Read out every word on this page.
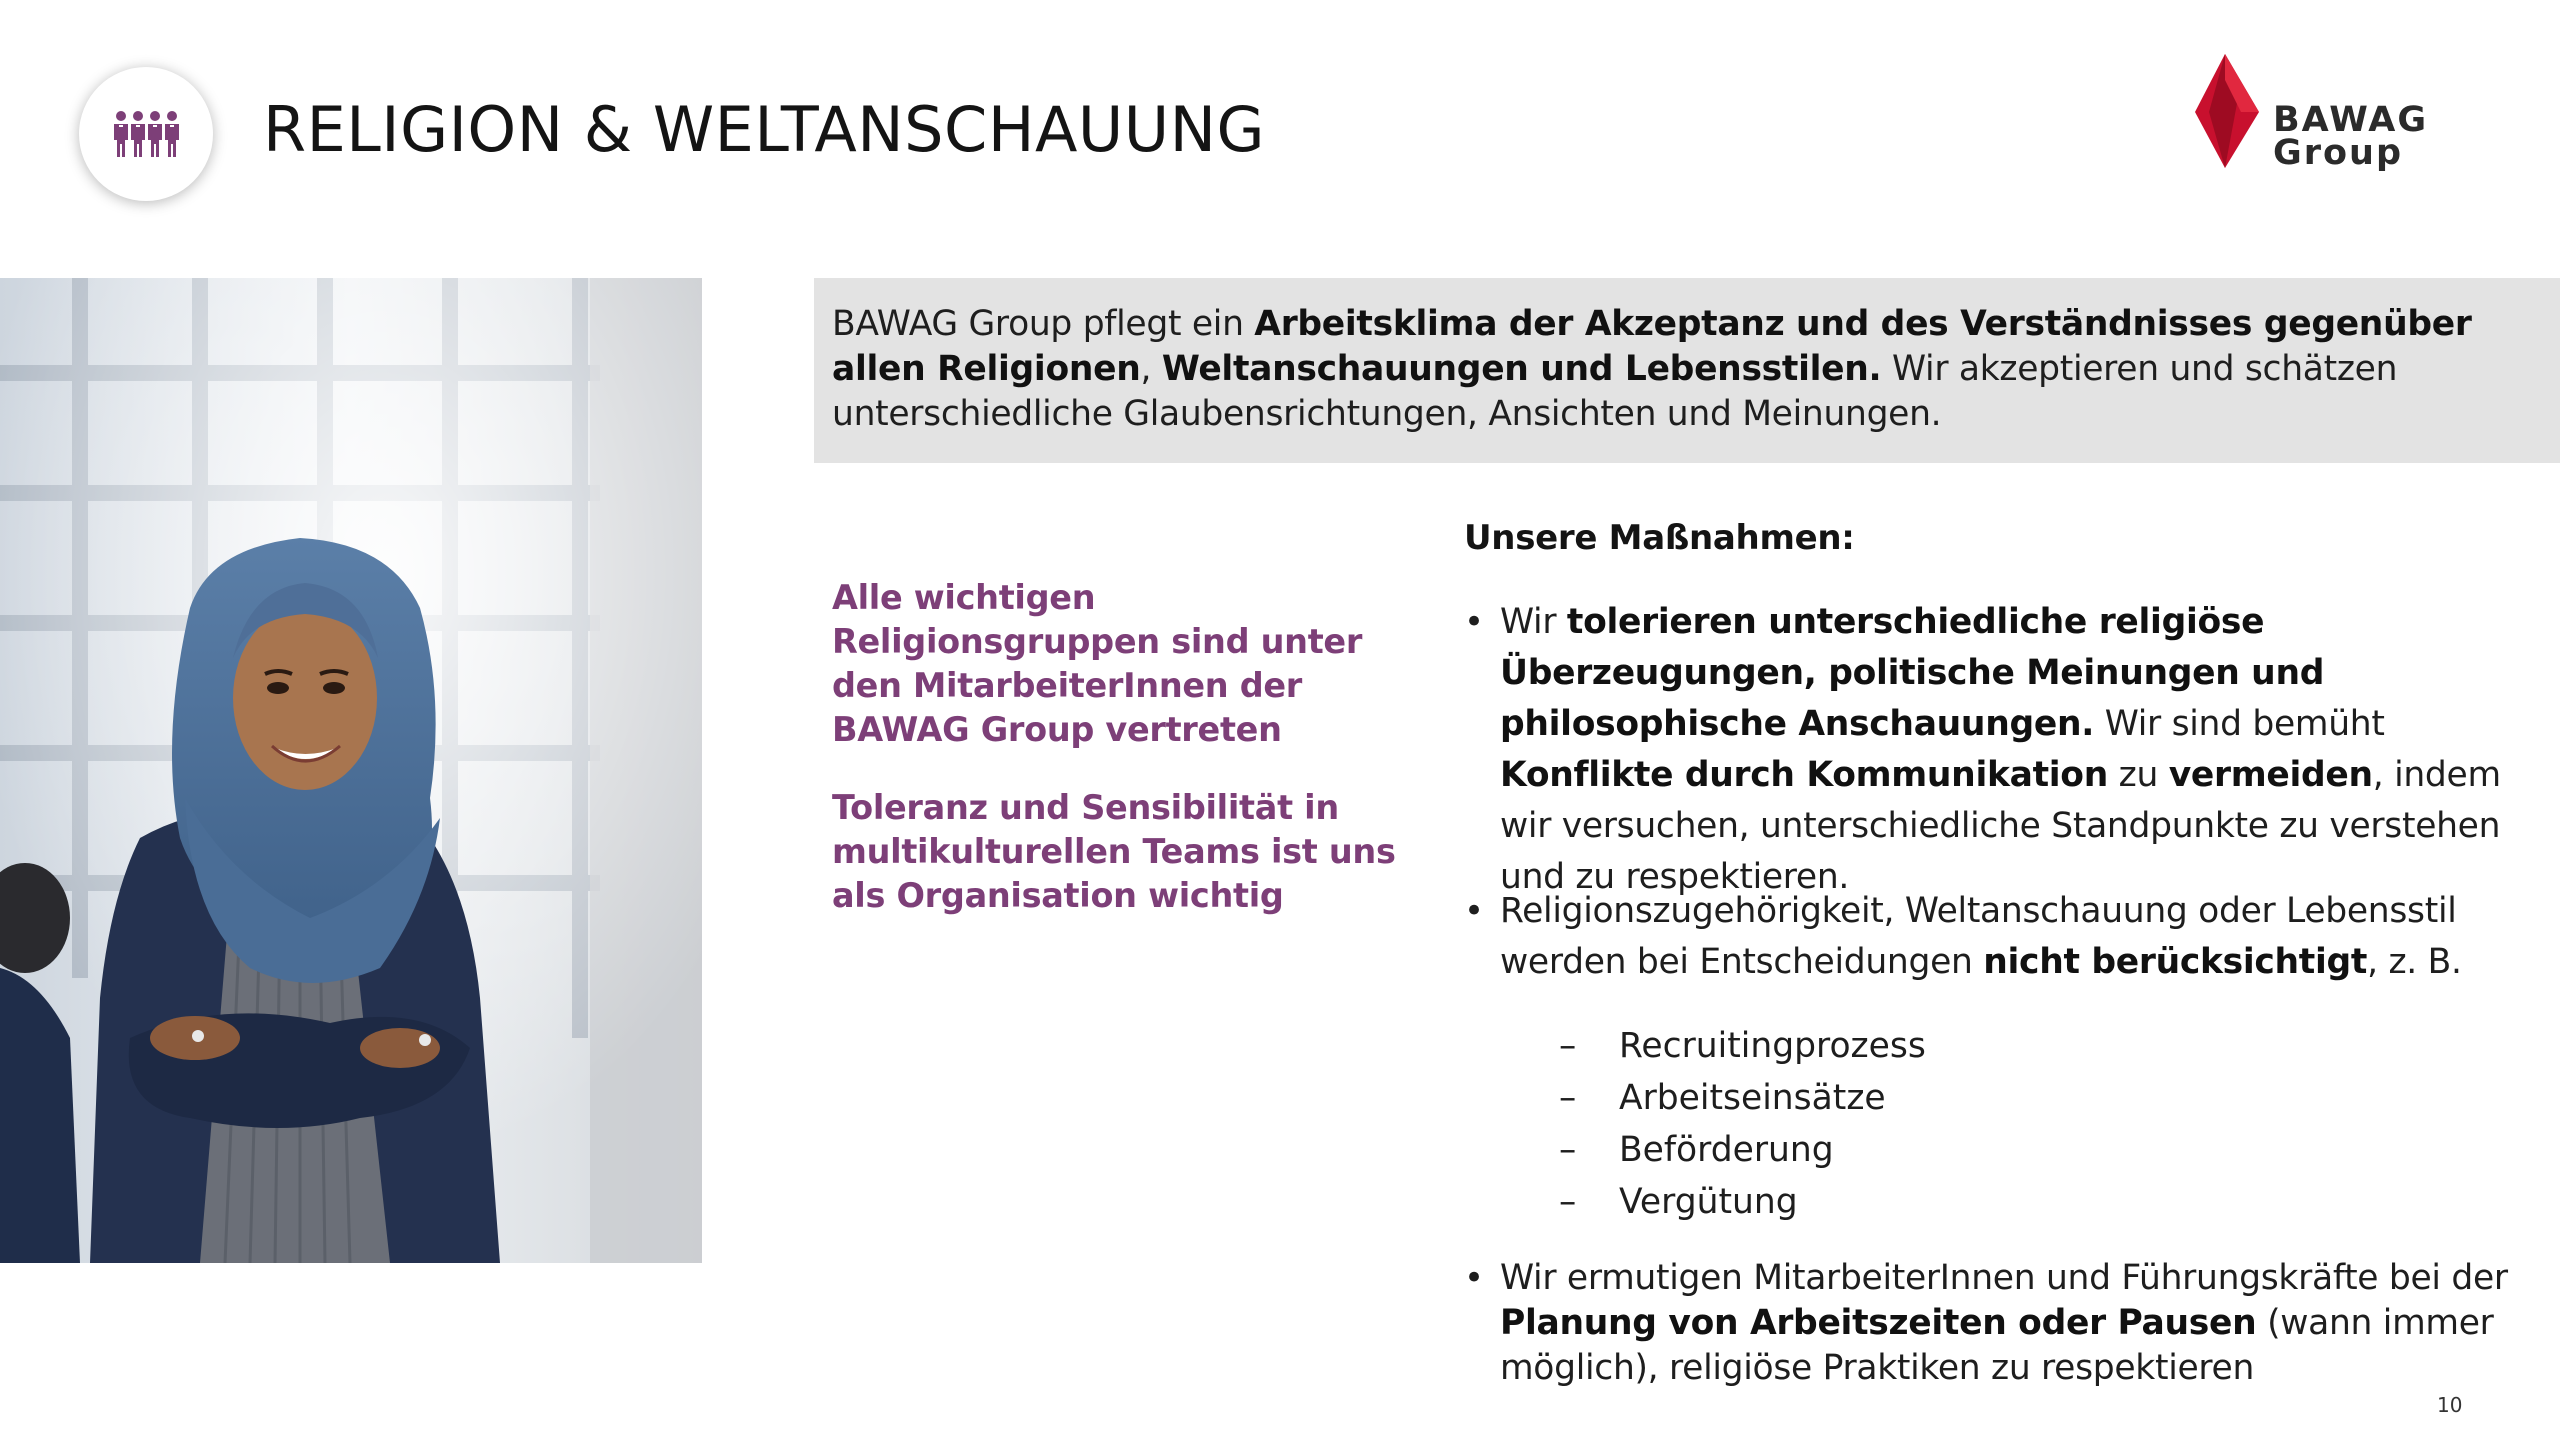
RELIGION & WELTANSCHAUUNG	BAWAG
Group
BAWAG Group pflegt ein Arbeitsklima der Akzeptanz und des Verständnisses gegenüber allen Religionen, Weltanschauungen und Lebensstilen. Wir akzeptieren und schätzen unterschiedliche Glaubensrichtungen, Ansichten und Meinungen.
Alle wichtigen Religionsgruppen sind unter den MitarbeiterInnen der BAWAG Group vertreten
Toleranz und Sensibilität in multikulturellen Teams ist uns als Organisation wichtig
Unsere Maßnahmen:
• Wir tolerieren unterschiedliche religiöse Überzeugungen, politische Meinungen und philosophische Anschauungen. Wir sind bemüht Konflikte durch Kommunikation zu vermeiden, indem wir versuchen, unterschiedliche Standpunkte zu verstehen und zu respektieren.
• Religionszugehörigkeit, Weltanschauung oder Lebensstil werden bei Entscheidungen nicht berücksichtigt, z. B.
– Recruitingprozess
– Arbeitseinsätze
– Beförderung
– Vergütung
• Wir ermutigen MitarbeiterInnen und Führungskräfte bei der Planung von Arbeitszeiten oder Pausen (wann immer möglich), religiöse Praktiken zu respektieren
10
